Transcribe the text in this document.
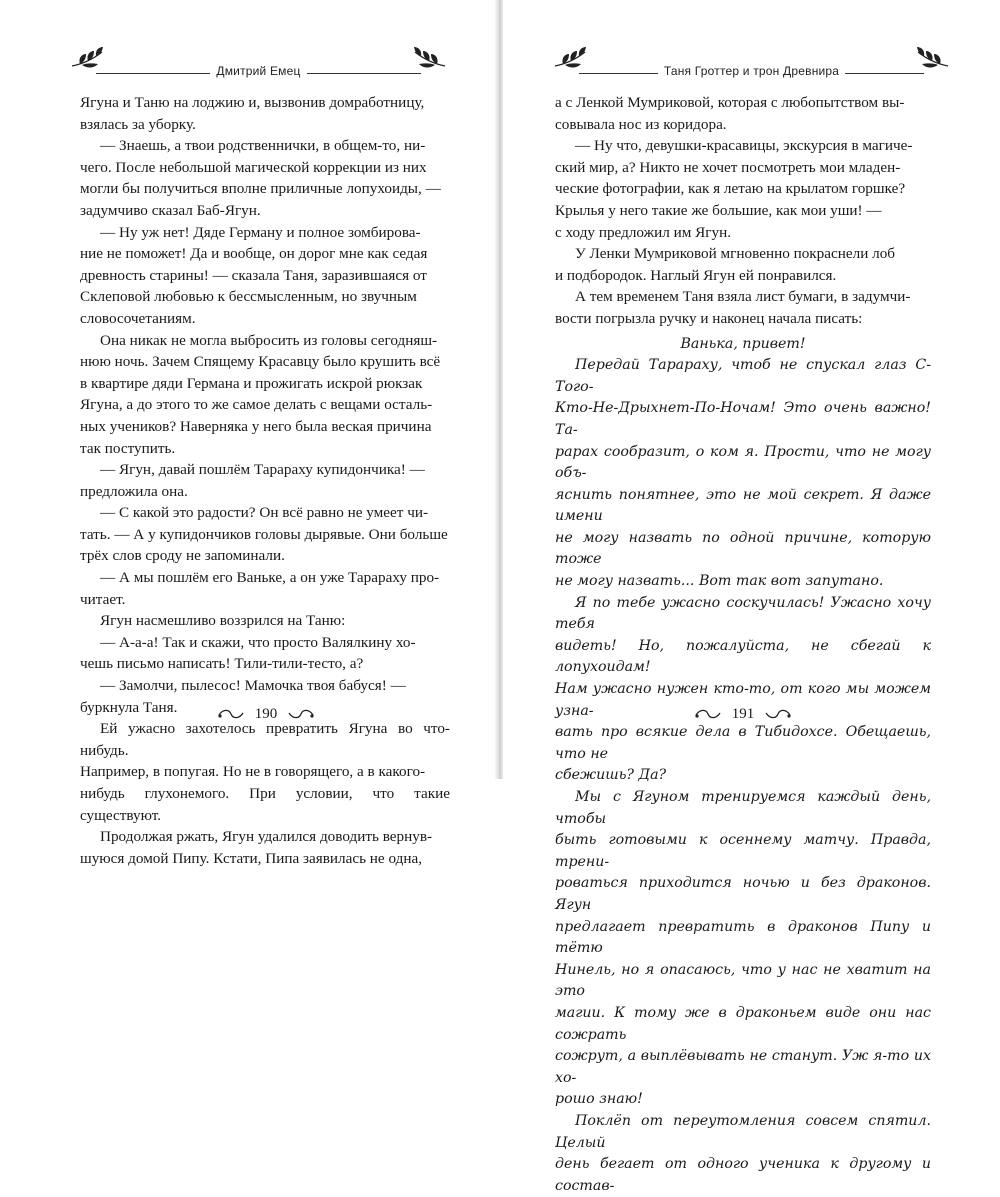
Дмитрий Емец

Ягуна и Таню на лоджию и, вызвонив домработницу,

взялась за уборку.

— Знаешь, а твои родственнички, в общем-то, ни-

чего. После небольшой магической коррекции из них

могли бы получиться вполне приличные лопухоиды, —

задумчиво сказал Баб-Ягун.

— Ну уж нет! Дяде Герману и полное зомбирова-

ние не поможет! Да и вообще, он дорог мне как седая

древность старины! — сказала Таня, заразившаяся от

Склеповой любовью к бессмысленным, но звучным

словосочетаниям.

Она никак не могла выбросить из головы сегодняш-

нюю ночь. Зачем Спящему Красавцу было крушить всё

в квартире дяди Германа и прожигать искрой рюкзак

Ягуна, а до этого то же самое делать с вещами осталь-

ных учеников? Наверняка у него была веская причина

так поступить.

— Ягун, давай пошлём Тарараху купидончика! —

предложила она.

— С какой это радости? Он всё равно не умеет чи-

тать. — А у купидончиков головы дырявые. Они больше

трёх слов сроду не запоминали.

— А мы пошлём его Ваньке, а он уже Тарараху про-

читает.

Ягун насмешливо воззрился на Таню:

— А-а-а! Так и скажи, что просто Валялкину хо-

чешь письмо написать! Тили-тили-тесто, а?

— Замолчи, пылесос! Мамочка твоя бабуся! —

буркнула Таня.

Ей ужасно захотелось превратить Ягуна во что-нибудь.

Например, в попугая. Но не в говорящего, а в какого-

нибудь глухонемого. При условии, что такие существуют.

Продолжая ржать, Ягун удалился доводить вернув-

шуюся домой Пипу. Кстати, Пипа заявилась не одна,

190
Таня Гроттер и трон Древнира

а с Ленкой Мумриковой, которая с любопытством вы-

совывала нос из коридора.

— Ну что, девушки-красавицы, экскурсия в магиче-

ский мир, а? Никто не хочет посмотреть мои младен-

ческие фотографии, как я летаю на крылатом горшке?

Крылья у него такие же большие, как мои уши! —

с ходу предложил им Ягун.

У Ленки Мумриковой мгновенно покраснели лоб

и подбородок. Наглый Ягун ей понравился.

А тем временем Таня взяла лист бумаги, в задумчи-

вости погрызла ручку и наконец начала писать:

Ванька, привет!

Передай Тарараху, чтоб не спускал глаз С-Того-

Кто-Не-Дрыхнет-По-Ночам! Это очень важно! Та-

рарах сообразит, о ком я. Прости, что не могу объ-

яснить понятнее, это не мой секрет. Я даже имени

не могу назвать по одной причине, которую тоже

не могу назвать... Вот так вот запутано.

Я по тебе ужасно соскучилась! Ужасно хочу тебя

видеть! Но, пожалуйста, не сбегай к лопухоидам!

Нам ужасно нужен кто-то, от кого мы можем узна-

вать про всякие дела в Тибидохсе. Обещаешь, что не

сбежишь? Да?

Мы с Ягуном тренируемся каждый день, чтобы

быть готовыми к осеннему матчу. Правда, трени-

роваться приходится ночью и без драконов. Ягун

предлагает превратить в драконов Пипу и тётю

Нинель, но я опасаюсь, что у нас не хватит на это

магии. К тому же в драконьем виде они нас сожрать

сожрут, а выплёвывать не станут. Уж я-то их хо-

рошо знаю!

Поклёп от переутомления совсем спятил. Целый

день бегает от одного ученика к другому и состав-

191
